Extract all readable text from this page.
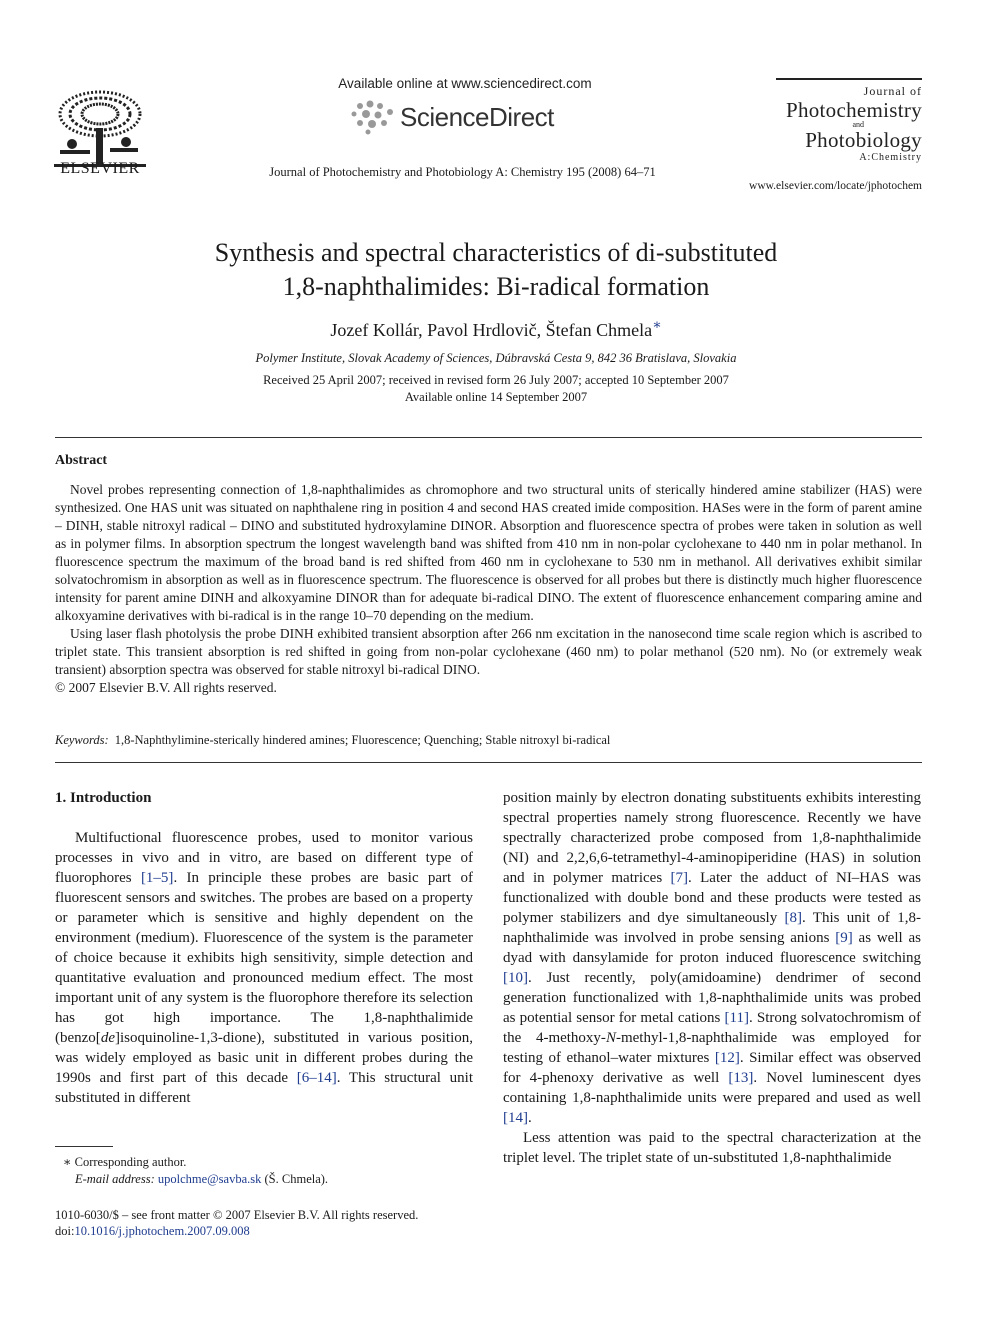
ELSEVIER
Available online at www.sciencedirect.com
ScienceDirect
Journal of Photochemistry and Photobiology A: Chemistry 195 (2008) 64–71
Journal of
Photochemistry
and
Photobiology
A:Chemistry
www.elsevier.com/locate/jphotochem
Synthesis and spectral characteristics of di-substituted
1,8-naphthalimides: Bi-radical formation
Jozef Kollár, Pavol Hrdlovič, Štefan Chmela∗
Polymer Institute, Slovak Academy of Sciences, Dúbravská Cesta 9, 842 36 Bratislava, Slovakia
Received 25 April 2007; received in revised form 26 July 2007; accepted 10 September 2007
Available online 14 September 2007
Abstract

Novel probes representing connection of 1,8-naphthalimides as chromophore and two structural units of sterically hindered amine stabilizer (HAS) were synthesized. One HAS unit was situated on naphthalene ring in position 4 and second HAS created imide composition. HASes were in the form of parent amine – DINH, stable nitroxyl radical – DINO and substituted hydroxylamine DINOR. Absorption and fluorescence spectra of probes were taken in solution as well as in polymer films. In absorption spectrum the longest wavelength band was shifted from 410 nm in non-polar cyclohexane to 440 nm in polar methanol. In fluorescence spectrum the maximum of the broad band is red shifted from 460 nm in cyclohexane to 530 nm in methanol. All derivatives exhibit similar solvatochromism in absorption as well as in fluorescence spectrum. The fluorescence is observed for all probes but there is distinctly much higher fluorescence intensity for parent amine DINH and alkoxyamine DINOR than for adequate bi-radical DINO. The extent of fluorescence enhancement comparing amine and alkoxyamine derivatives with bi-radical is in the range 10–70 depending on the medium.

Using laser flash photolysis the probe DINH exhibited transient absorption after 266 nm excitation in the nanosecond time scale region which is ascribed to triplet state. This transient absorption is red shifted in going from non-polar cyclohexane (460 nm) to polar methanol (520 nm). No (or extremely weak transient) absorption spectra was observed for stable nitroxyl bi-radical DINO.

© 2007 Elsevier B.V. All rights reserved.

Keywords: 1,8-Naphthylimine-sterically hindered amines; Fluorescence; Quenching; Stable nitroxyl bi-radical

1. Introduction

Multifuctional fluorescence probes, used to monitor various processes in vivo and in vitro, are based on different type of fluorophores [1–5]. In principle these probes are basic part of fluorescent sensors and switches. The probes are based on a property or parameter which is sensitive and highly dependent on the environment (medium). Fluorescence of the system is the parameter of choice because it exhibits high sensitivity, simple detection and quantitative evaluation and pronounced medium effect. The most important unit of any system is the fluorophore therefore its selection has got high importance. The 1,8-naphthalimide (benzo[de]isoquinoline-1,3-dione), substituted in various position, was widely employed as basic unit in different probes during the 1990s and first part of this decade [6–14]. This structural unit substituted in different

position mainly by electron donating substituents exhibits interesting spectral properties namely strong fluorescence. Recently we have spectrally characterized probe composed from 1,8-naphthalimide (NI) and 2,2,6,6-tetramethyl-4-aminopiperidine (HAS) in solution and in polymer matrices [7]. Later the adduct of NI–HAS was functionalized with double bond and these products were tested as polymer stabilizers and dye simultaneously [8]. This unit of 1,8-naphthalimide was involved in probe sensing anions [9] as well as dyad with dansylamide for proton induced fluorescence switching [10]. Just recently, poly(amidoamine) dendrimer of second generation functionalized with 1,8-naphthalimide units was probed as potential sensor for metal cations [11]. Strong solvatochromism of the 4-methoxy-N-methyl-1,8-naphthalimide was employed for testing of ethanol–water mixtures [12]. Similar effect was observed for 4-phenoxy derivative as well [13]. Novel luminescent dyes containing 1,8-naphthalimide units were prepared and used as well [14].

Less attention was paid to the spectral characterization at the triplet level. The triplet state of un-substituted 1,8-naphthalimide

∗ Corresponding author.
E-mail address: upolchme@savba.sk (Š. Chmela).
1010-6030/$ – see front matter © 2007 Elsevier B.V. All rights reserved.
doi:10.1016/j.jphotochem.2007.09.008
